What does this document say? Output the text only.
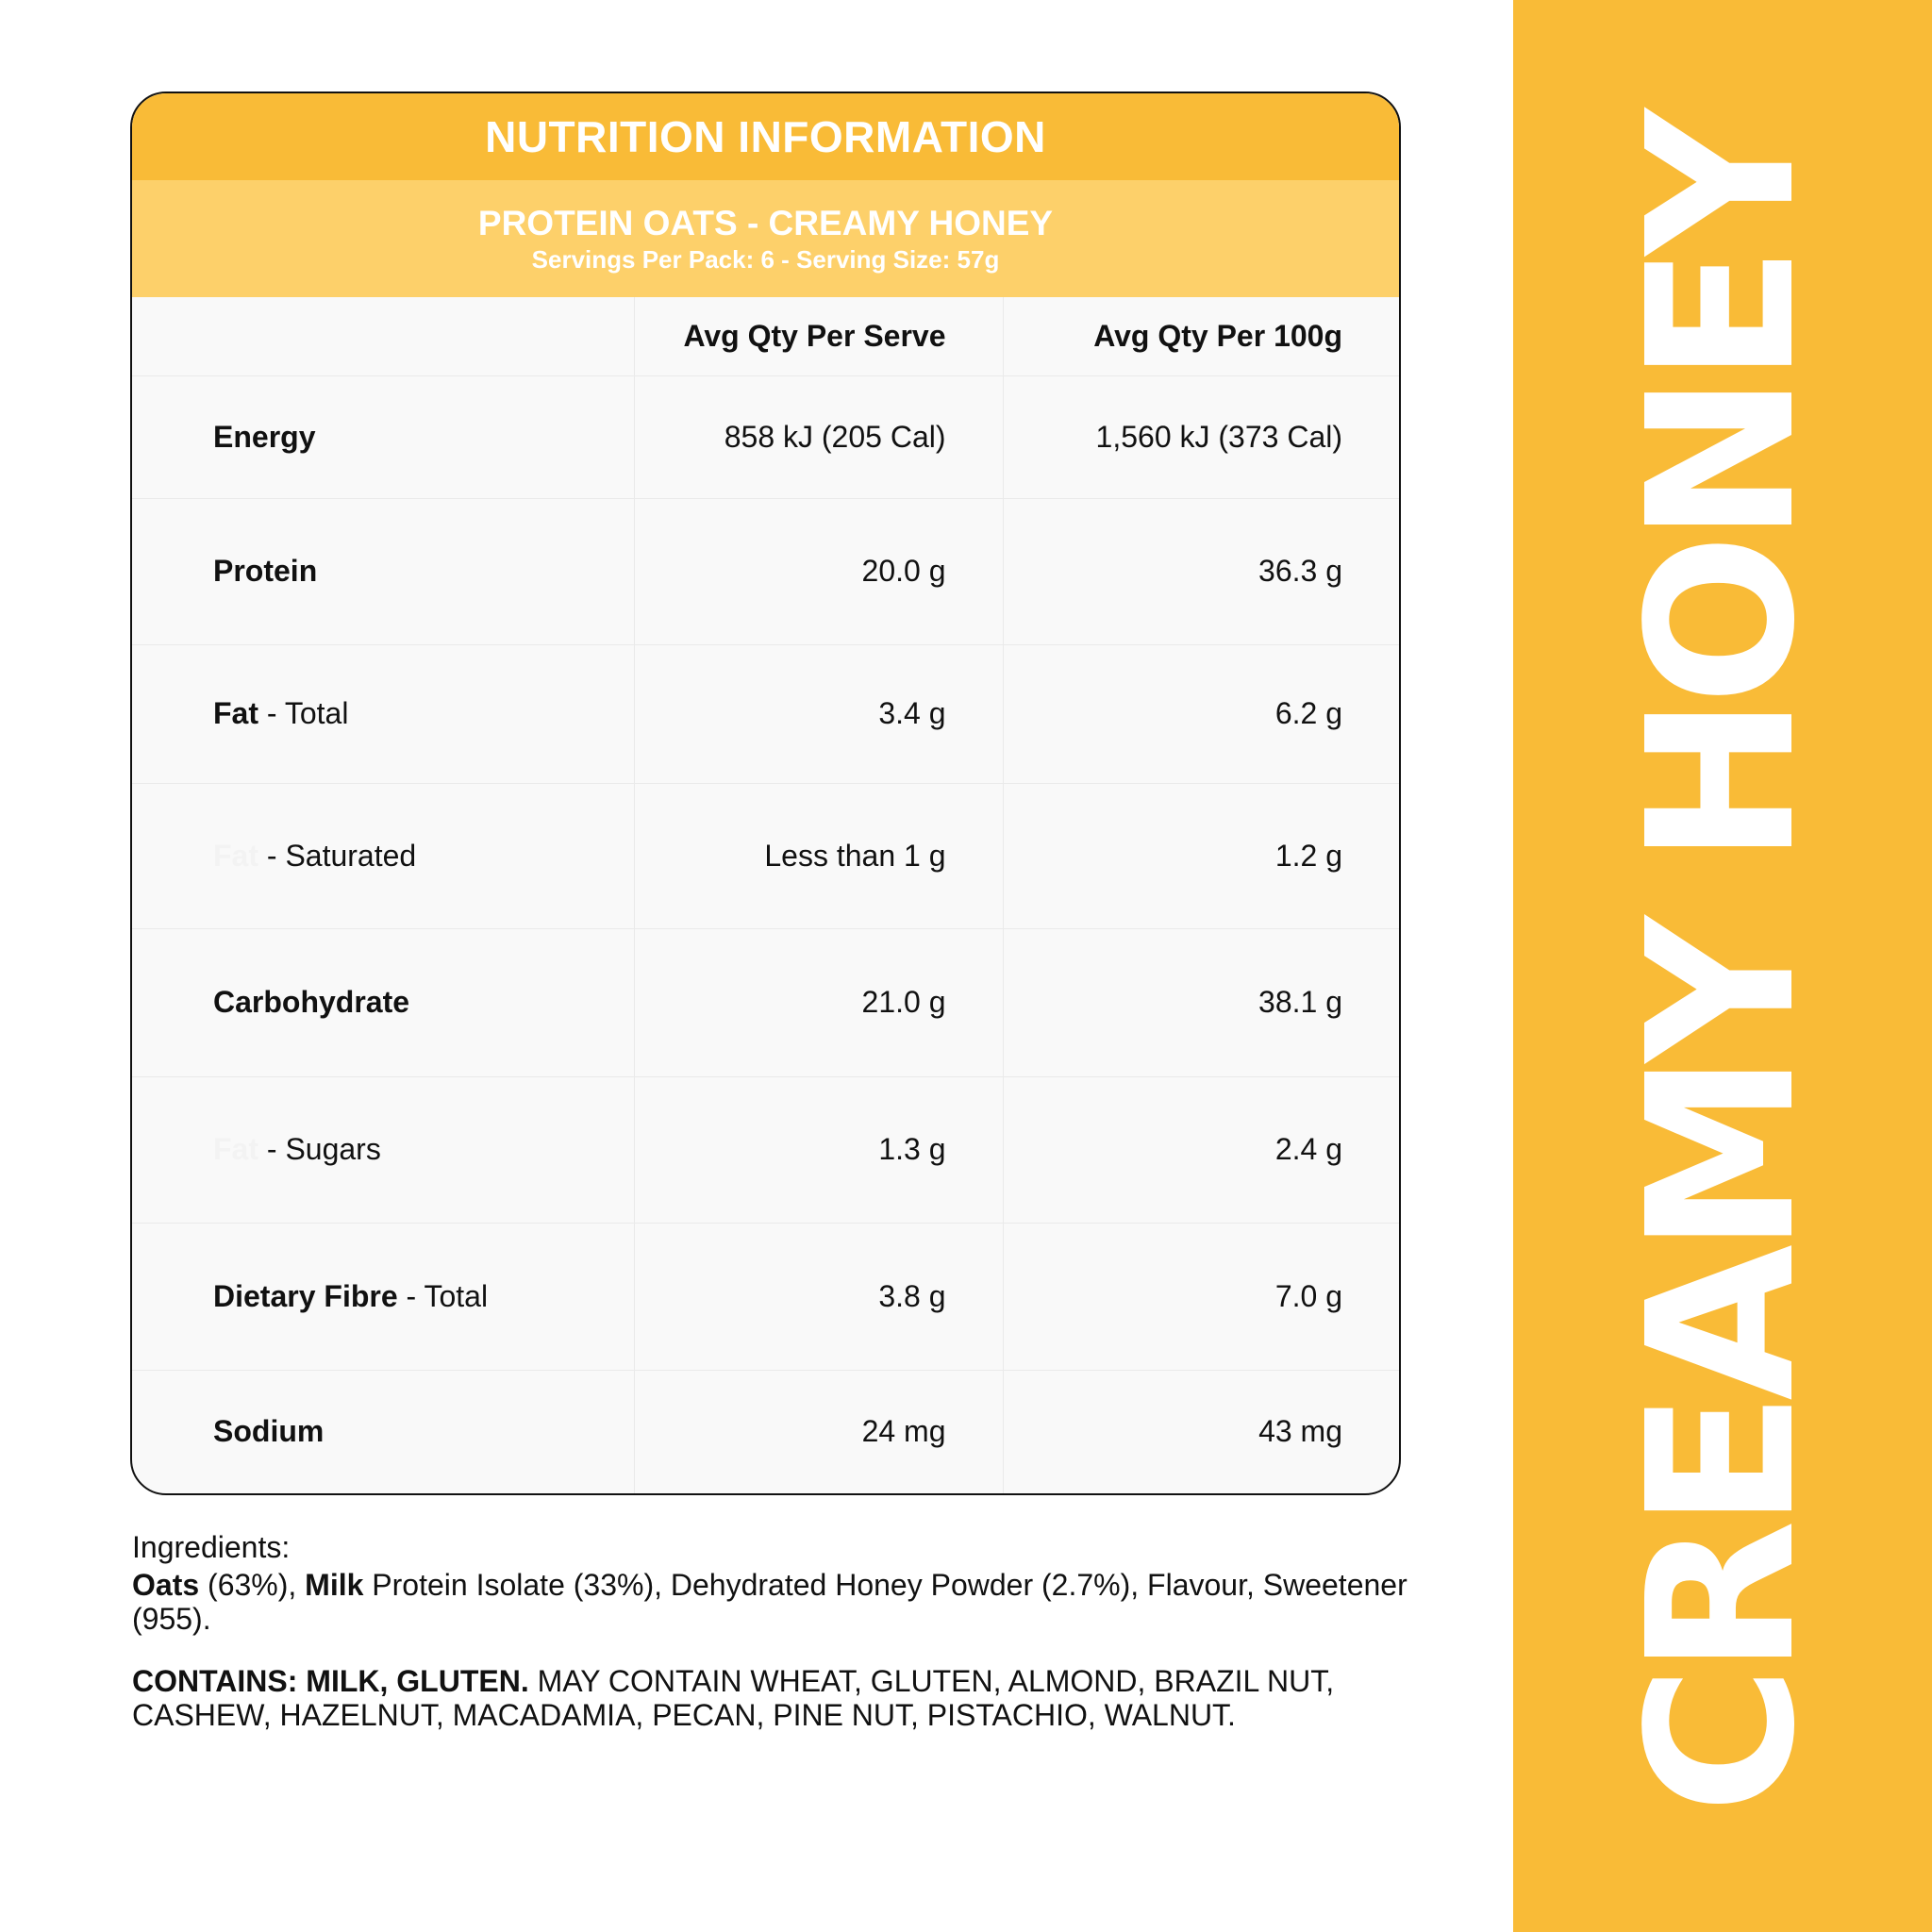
CREAMY HONEY
NUTRITION INFORMATION
PROTEIN OATS - CREAMY HONEY
Servings Per Pack: 6 - Serving Size: 57g
	Avg Qty Per Serve	Avg Qty Per 100g
Energy	858 kJ (205 Cal)	1,560 kJ (373 Cal)
Protein	20.0 g	36.3 g
Fat - Total	3.4 g	6.2 g
Fat - Saturated	Less than 1 g	1.2 g
Carbohydrate	21.0 g	38.1 g
Fat - Sugars	1.3 g	2.4 g
Dietary Fibre - Total	3.8 g	7.0 g
Sodium	24 mg	43 mg
Ingredients:
Oats (63%), Milk Protein Isolate (33%), Dehydrated Honey Powder (2.7%), Flavour, Sweetener (955).
CONTAINS: MILK, GLUTEN. MAY CONTAIN WHEAT, GLUTEN, ALMOND, BRAZIL NUT, CASHEW, HAZELNUT, MACADAMIA, PECAN, PINE NUT, PISTACHIO, WALNUT.
